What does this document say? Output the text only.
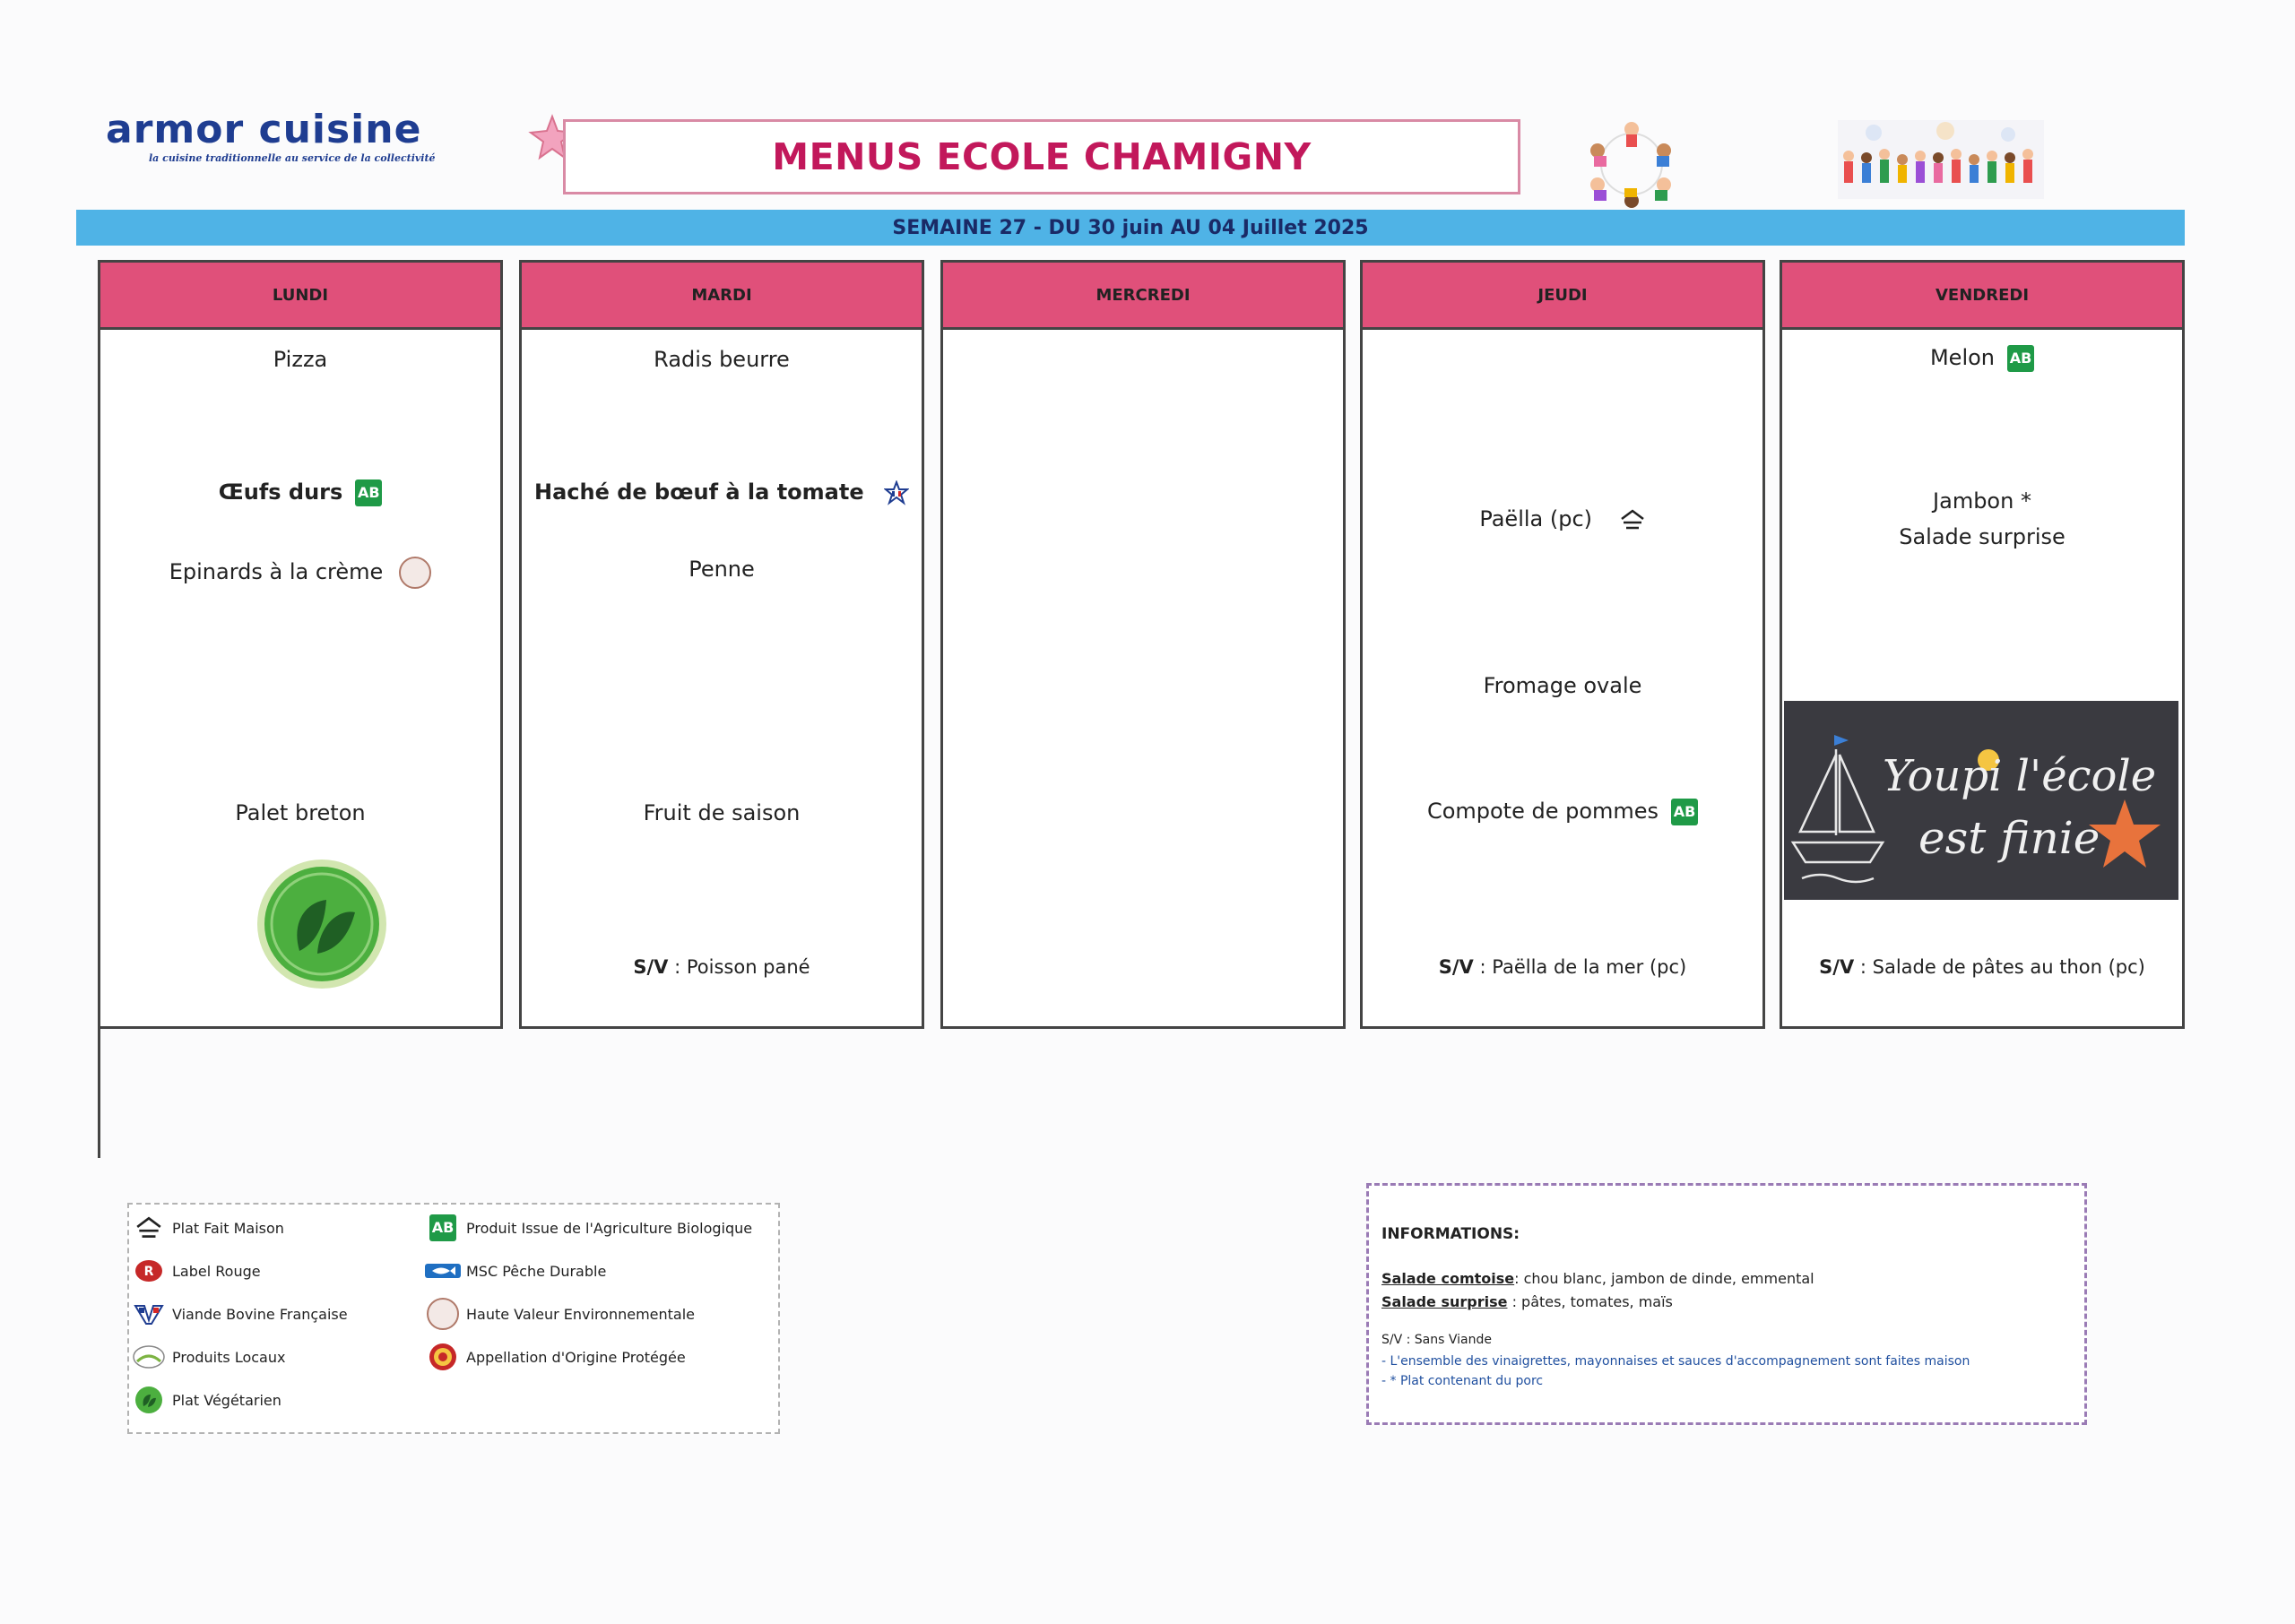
armor cuisine
la cuisine traditionnelle au service de la collectivité	MENUS ECOLE CHAMIGNY
SEMAINE 27 - DU 30 juin AU 04 Juillet 2025
LUNDI
Pizza
Œufs durs AB
Epinards à la crème
Palet breton
MARDI
Radis beurre
Haché de bœuf à la tomate
Penne
Fruit de saison
S/V : Poisson pané
MERCREDI	JEUDI
Paëlla (pc)
Fromage ovale
Compote de pommes AB
S/V : Paëlla de la mer (pc)
VENDREDI
Melon AB
Jambon *
Salade surprise
S/V : Salade de pâtes au thon (pc)
Youpi l'école
est finie
Plat Fait Maison
R Label Rouge
Viande Bovine Française
Produits Locaux
Plat Végétarien
AB Produit Issue de l'Agriculture Biologique
MSC Pêche Durable
Haute Valeur Environnementale
Appellation d'Origine Protégée
INFORMATIONS:
Salade comtoise: chou blanc, jambon de dinde, emmental
Salade surprise : pâtes, tomates, maïs
S/V : Sans Viande
- L'ensemble des vinaigrettes, mayonnaises et sauces d'accompagnement sont faites maison
- * Plat contenant du porc
